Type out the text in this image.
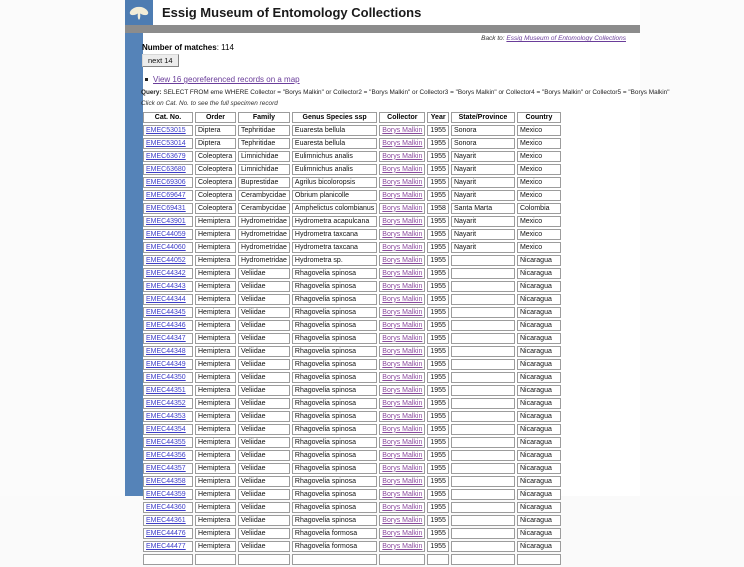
Essig Museum of Entomology Collections
Back to: Essig Museum of Entomology Collections
Number of matches: 114
next 14
View 16 georeferenced records on a map
Query: SELECT FROM eme WHERE Collector = "Borys Malkin" or Collector2 = "Borys Malkin" or Collector3 = "Borys Malkin" or Collector4 = "Borys Malkin" or Collector5 = "Borys Malkin"
Click on Cat. No. to see the full specimen record
Cat. No.	Order	Family	Genus Species ssp	Collector	Year	State/Province	Country
EMEC53015	Diptera	Tephritidae	Euaresta bellula	Borys Malkin	1955	Sonora	Mexico
EMEC53014	Diptera	Tephritidae	Euaresta bellula	Borys Malkin	1955	Sonora	Mexico
EMEC63679	Coleoptera	Limnichidae	Eulimnichus analis	Borys Malkin	1955	Nayarit	Mexico
EMEC63680	Coleoptera	Limnichidae	Eulimnichus analis	Borys Malkin	1955	Nayarit	Mexico
EMEC69306	Coleoptera	Buprestidae	Agrilus bicoloropsis	Borys Malkin	1955	Nayarit	Mexico
EMEC69647	Coleoptera	Cerambycidae	Obrium planicolle	Borys Malkin	1955	Nayarit	Mexico
EMEC69431	Coleoptera	Cerambycidae	Amphelictus colombianus	Borys Malkin	1958	Santa Marta	Colombia
EMEC43901	Hemiptera	Hydrometridae	Hydrometra acapulcana	Borys Malkin	1955	Nayarit	Mexico
EMEC44059	Hemiptera	Hydrometridae	Hydrometra taxcana	Borys Malkin	1955	Nayarit	Mexico
EMEC44060	Hemiptera	Hydrometridae	Hydrometra taxcana	Borys Malkin	1955	Nayarit	Mexico
EMEC44052	Hemiptera	Hydrometridae	Hydrometra sp.	Borys Malkin	1955		Nicaragua
EMEC44342	Hemiptera	Veliidae	Rhagovelia spinosa	Borys Malkin	1955		Nicaragua
EMEC44343	Hemiptera	Veliidae	Rhagovelia spinosa	Borys Malkin	1955		Nicaragua
EMEC44344	Hemiptera	Veliidae	Rhagovelia spinosa	Borys Malkin	1955		Nicaragua
EMEC44345	Hemiptera	Veliidae	Rhagovelia spinosa	Borys Malkin	1955		Nicaragua
EMEC44346	Hemiptera	Veliidae	Rhagovelia spinosa	Borys Malkin	1955		Nicaragua
EMEC44347	Hemiptera	Veliidae	Rhagovelia spinosa	Borys Malkin	1955		Nicaragua
EMEC44348	Hemiptera	Veliidae	Rhagovelia spinosa	Borys Malkin	1955		Nicaragua
EMEC44349	Hemiptera	Veliidae	Rhagovelia spinosa	Borys Malkin	1955		Nicaragua
EMEC44350	Hemiptera	Veliidae	Rhagovelia spinosa	Borys Malkin	1955		Nicaragua
EMEC44351	Hemiptera	Veliidae	Rhagovelia spinosa	Borys Malkin	1955		Nicaragua
EMEC44352	Hemiptera	Veliidae	Rhagovelia spinosa	Borys Malkin	1955		Nicaragua
EMEC44353	Hemiptera	Veliidae	Rhagovelia spinosa	Borys Malkin	1955		Nicaragua
EMEC44354	Hemiptera	Veliidae	Rhagovelia spinosa	Borys Malkin	1955		Nicaragua
EMEC44355	Hemiptera	Veliidae	Rhagovelia spinosa	Borys Malkin	1955		Nicaragua
EMEC44356	Hemiptera	Veliidae	Rhagovelia spinosa	Borys Malkin	1955		Nicaragua
EMEC44357	Hemiptera	Veliidae	Rhagovelia spinosa	Borys Malkin	1955		Nicaragua
EMEC44358	Hemiptera	Veliidae	Rhagovelia spinosa	Borys Malkin	1955		Nicaragua
EMEC44359	Hemiptera	Veliidae	Rhagovelia spinosa	Borys Malkin	1955		Nicaragua
EMEC44360	Hemiptera	Veliidae	Rhagovelia spinosa	Borys Malkin	1955		Nicaragua
EMEC44361	Hemiptera	Veliidae	Rhagovelia spinosa	Borys Malkin	1955		Nicaragua
EMEC44476	Hemiptera	Veliidae	Rhagovelia formosa	Borys Malkin	1955		Nicaragua
EMEC44477	Hemiptera	Veliidae	Rhagovelia formosa	Borys Malkin	1955		Nicaragua
